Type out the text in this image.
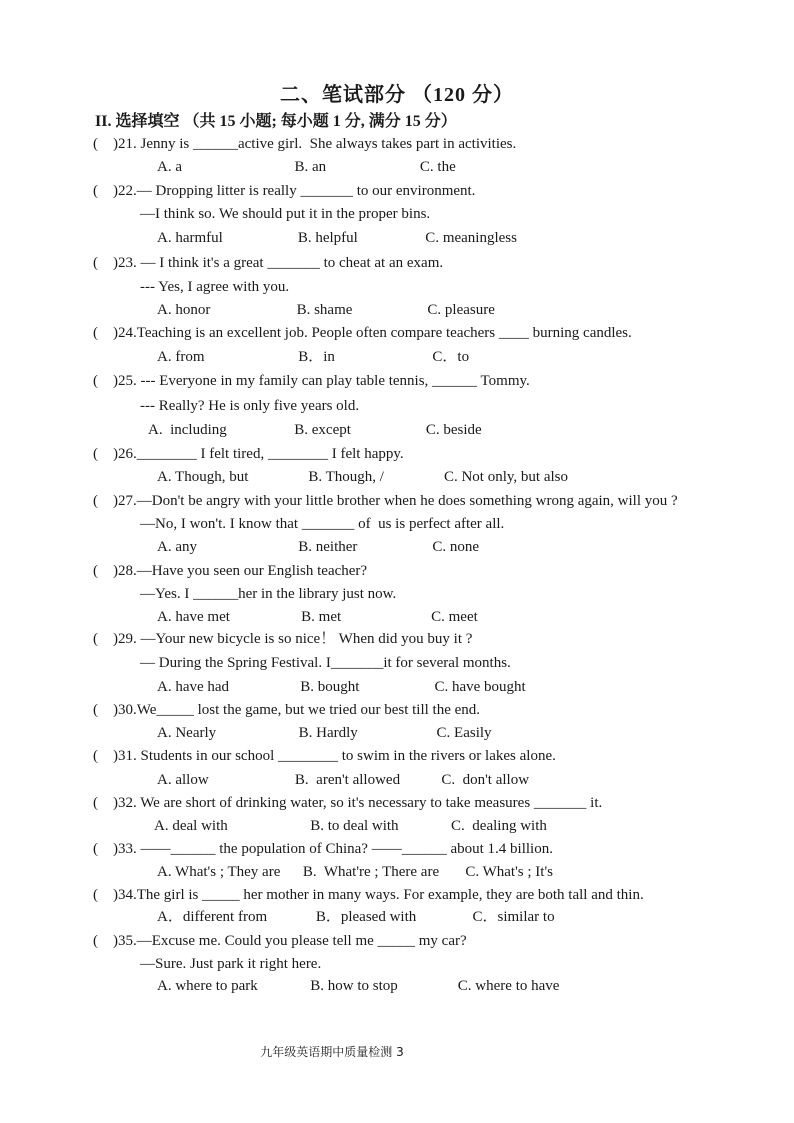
二、笔试部分 （120 分）
II. 选择填空 （共 15 小题; 每小题 1 分, 满分 15 分）
(    )21. Jenny is ______active girl.  She always takes part in activities.
A. a                              B. an                         C. the
(    )22.— Dropping litter is really _______ to our environment.
—I think so. We should put it in the proper bins.
A. harmful                    B. helpful                  C. meaningless
(    )23. — I think it's a great _______ to cheat at an exam.
--- Yes, I agree with you.
A. honor                       B. shame                    C. pleasure
(    )24.Teaching is an excellent job. People often compare teachers ____ burning candles.
A. from                         B．in                          C．to
(    )25. --- Everyone in my family can play table tennis, ______ Tommy.
--- Really? He is only five years old.
A.  including                  B. except                    C. beside
(    )26.________ I felt tired, ________ I felt happy.
A. Though, but                B. Though, /                C. Not only, but also
(    )27.—Don't be angry with your little brother when he does something wrong again, will you ?
—No, I won't. I know that _______ of  us is perfect after all.
A. any                           B. neither                    C. none
(    )28.—Have you seen our English teacher?
—Yes. I ______her in the library just now.
A. have met                   B. met                        C. meet
(    )29. —Your new bicycle is so nice！ When did you buy it ?
— During the Spring Festival. I_______it for several months.
A. have had                   B. bought                    C. have bought
(    )30.We_____ lost the game, but we tried our best till the end.
A. Nearly                      B. Hardly                     C. Easily
(    )31. Students in our school ________ to swim in the rivers or lakes alone.
A. allow                       B.  aren't allowed           C.  don't allow
(    )32. We are short of drinking water, so it's necessary to take measures _______ it.
A. deal with                      B. to deal with              C.  dealing with
(    )33. ——______ the population of China? ——______ about 1.4 billion.
A. What's ; They are      B.  What're ; There are       C. What's ; It's
(    )34.The girl is _____ her mother in many ways. For example, they are both tall and thin.
A．different from             B．pleased with               C．similar to
(    )35.—Excuse me. Could you please tell me _____ my car?
—Sure. Just park it right here.
A. where to park              B. how to stop                C. where to have
九年级英语期中质量检测 3
